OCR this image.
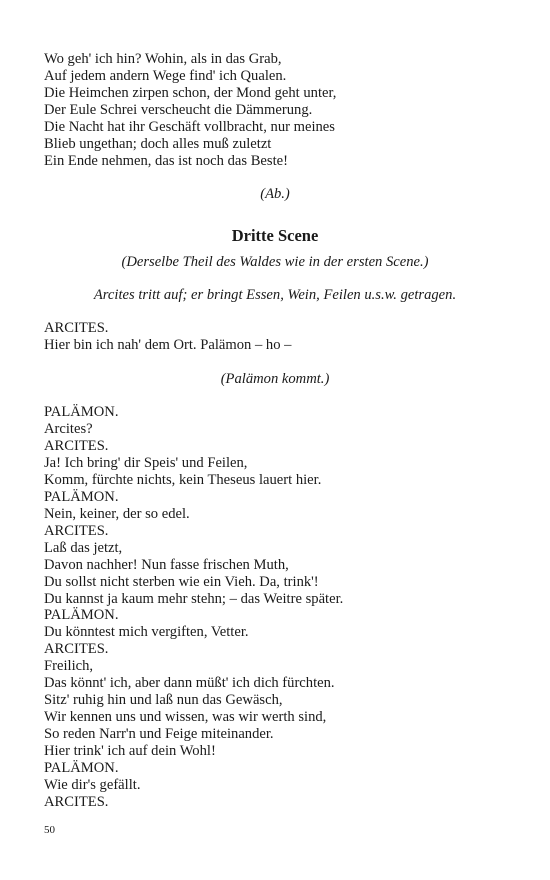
Wo geh' ich hin? Wohin, als in das Grab,
Auf jedem andern Wege find' ich Qualen.
Die Heimchen zirpen schon, der Mond geht unter,
Der Eule Schrei verscheucht die Dämmerung.
Die Nacht hat ihr Geschäft vollbracht, nur meines
Blieb ungethan; doch alles muß zuletzt
Ein Ende nehmen, das ist noch das Beste!
(Ab.)
Dritte Scene
(Derselbe Theil des Waldes wie in der ersten Scene.)
Arcites tritt auf; er bringt Essen, Wein, Feilen u.s.w. getragen.
ARCITES.
Hier bin ich nah' dem Ort. Palämon – ho –
(Palämon kommt.)
PALÄMON.
Arcites?
ARCITES.
Ja! Ich bring' dir Speis' und Feilen,
Komm, fürchte nichts, kein Theseus lauert hier.
PALÄMON.
Nein, keiner, der so edel.
ARCITES.
Laß das jetzt,
Davon nachher! Nun fasse frischen Muth,
Du sollst nicht sterben wie ein Vieh. Da, trink'!
Du kannst ja kaum mehr stehn; – das Weitre später.
PALÄMON.
Du könntest mich vergiften, Vetter.
ARCITES.
Freilich,
Das könnt' ich, aber dann müßt' ich dich fürchten.
Sitz' ruhig hin und laß nun das Gewäsch,
Wir kennen uns und wissen, was wir werth sind,
So reden Narr'n und Feige miteinander.
Hier trink' ich auf dein Wohl!
PALÄMON.
Wie dir's gefällt.
ARCITES.
50
